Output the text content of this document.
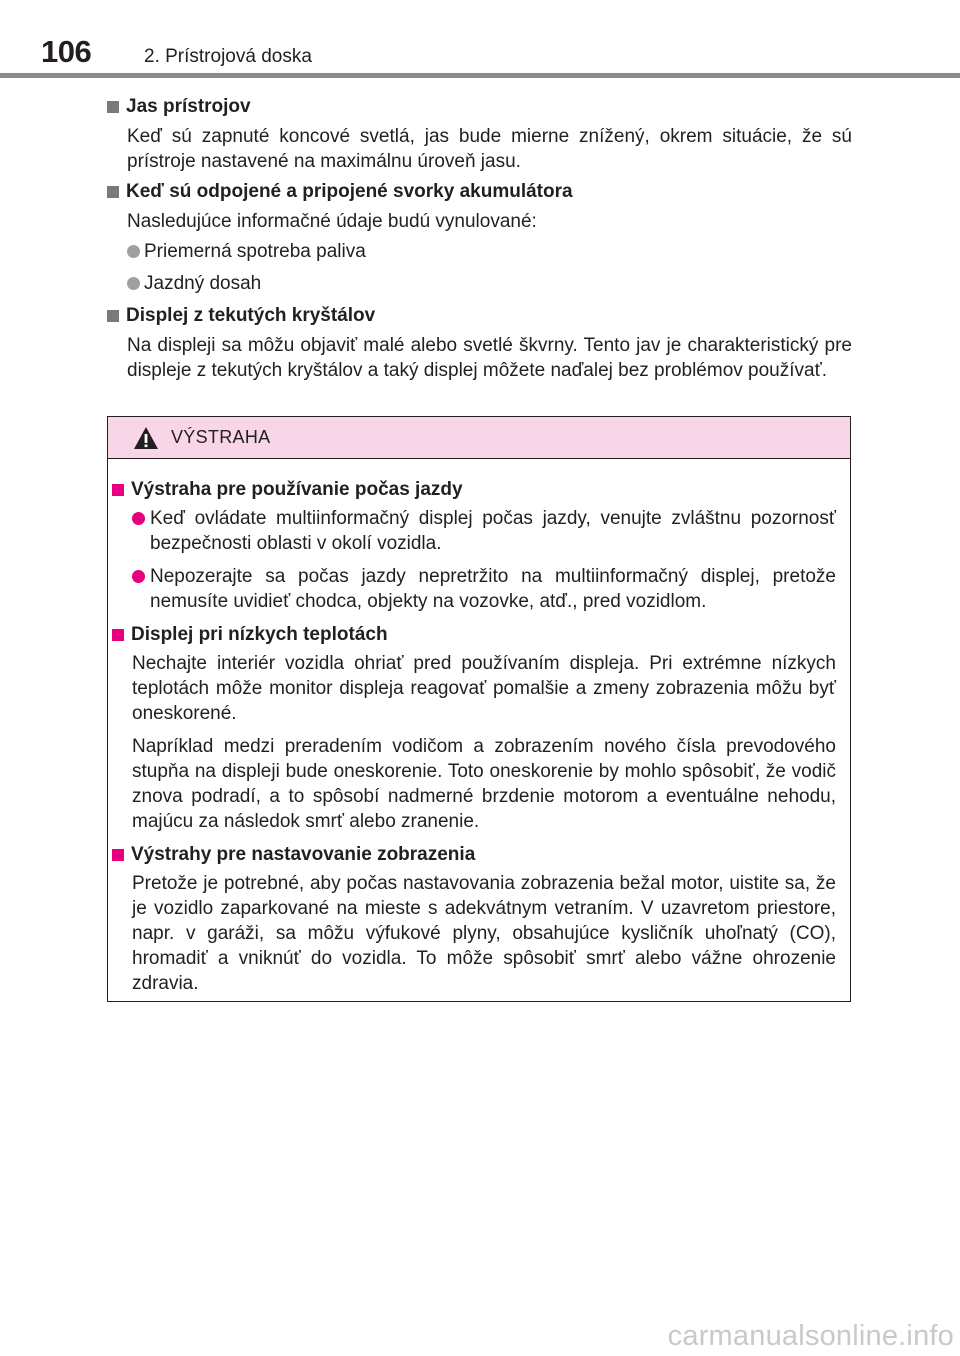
106	2. Prístrojová doska
Jas prístrojov
Keď sú zapnuté koncové svetlá, jas bude mierne znížený, okrem situácie, že sú prístroje nastavené na maximálnu úroveň jasu.
Keď sú odpojené a pripojené svorky akumulátora
Nasledujúce informačné údaje budú vynulované:
Priemerná spotreba paliva
Jazdný dosah
Displej z tekutých kryštálov
Na displeji sa môžu objaviť malé alebo svetlé škvrny. Tento jav je charakteristický pre displeje z tekutých kryštálov a taký displej môžete naďalej bez problémov používať.
VÝSTRAHA
Výstraha pre používanie počas jazdy
Keď ovládate multiinformačný displej počas jazdy, venujte zvláštnu pozornosť bezpečnosti oblasti v okolí vozidla.
Nepozerajte sa počas jazdy nepretržito na multiinformačný displej, pretože nemusíte uvidieť chodca, objekty na vozovke, atď., pred vozidlom.
Displej pri nízkych teplotách
Nechajte interiér vozidla ohriať pred používaním displeja. Pri extrémne nízkych teplotách môže monitor displeja reagovať pomalšie a zmeny zobrazenia môžu byť oneskorené.
Napríklad medzi preradením vodičom a zobrazením nového čísla prevodového stupňa na displeji bude oneskorenie. Toto oneskorenie by mohlo spôsobiť, že vodič znova podradí, a to spôsobí nadmerné brzdenie motorom a eventuálne nehodu, majúcu za následok smrť alebo zranenie.
Výstrahy pre nastavovanie zobrazenia
Pretože je potrebné, aby počas nastavovania zobrazenia bežal motor, uistite sa, že je vozidlo zaparkované na mieste s adekvátnym vetraním. V uzavretom priestore, napr. v garáži, sa môžu výfukové plyny, obsahujúce kysličník uhoľnatý (CO), hromadiť a vniknúť do vozidla. To môže spôsobiť smrť alebo vážne ohrozenie zdravia.
carmanualsonline.info
